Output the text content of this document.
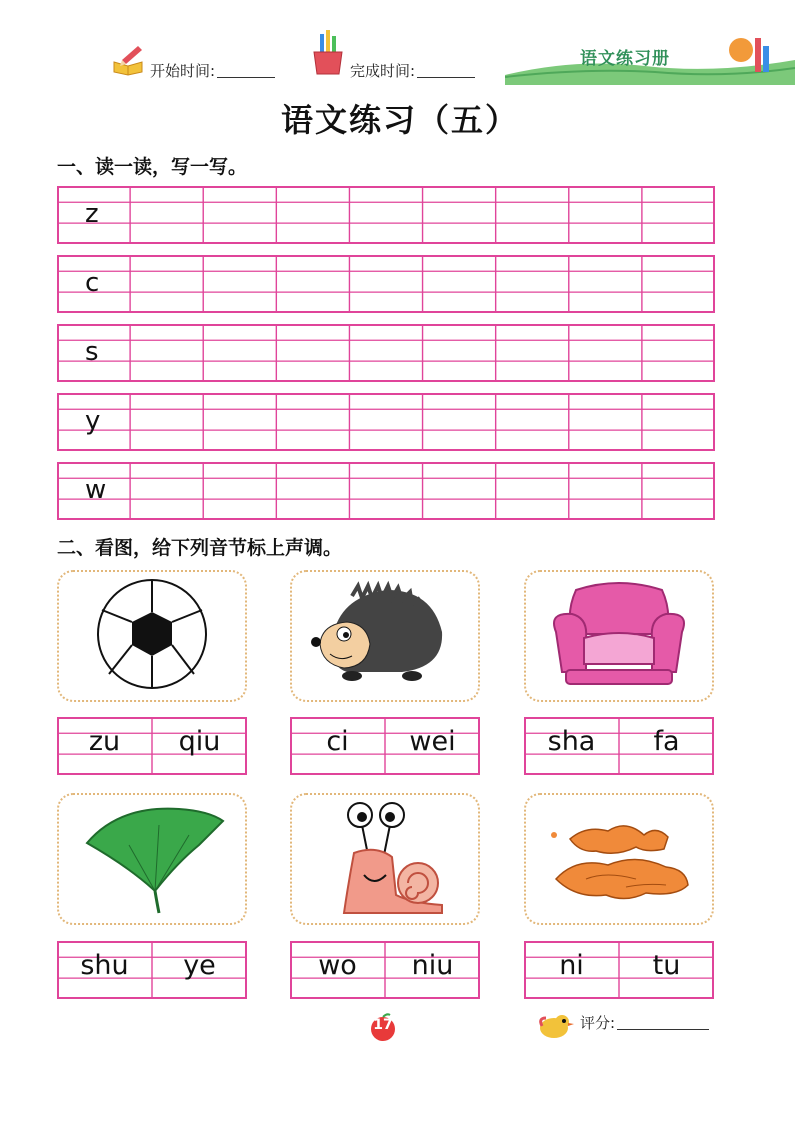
开始时间:	完成时间:
语文练习册
语文练习（五）
一、读一读，写一写。
z
c
s
y
w
二、看图，给下列音节标上声调。
zu	qiu	ci	wei	sha	fa
shu	ye	wo	niu	ni	tu
17	评分:
